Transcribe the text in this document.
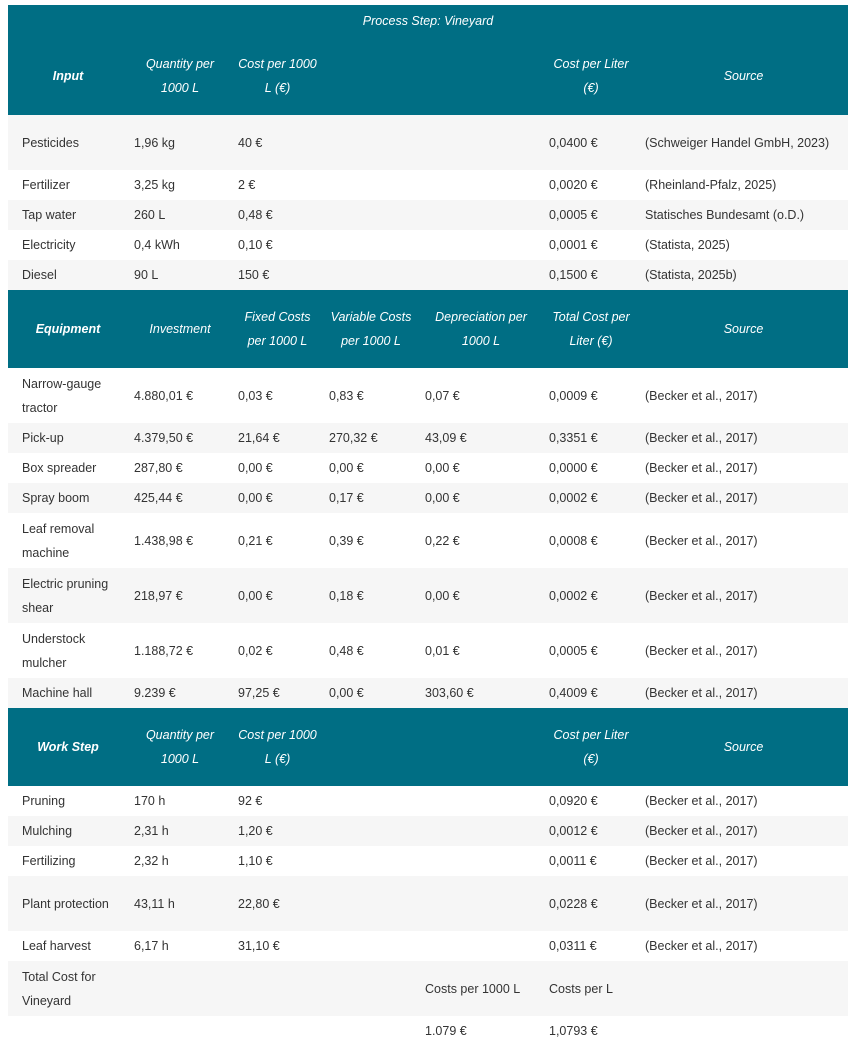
Process Step: Vineyard						
Input	Quantity per 1000 L	Cost per 1000 L (€)			Cost per Liter (€)	Source
Pesticides	1,96 kg	40 €			0,0400 €	(Schweiger Handel GmbH, 2023)
Fertilizer	3,25 kg	2 €			0,0020 €	(Rheinland-Pfalz, 2025)
Tap water	260 L	0,48 €			0,0005 €	Statisches Bundesamt (o.D.)
Electricity	0,4 kWh	0,10 €			0,0001 €	(Statista, 2025)
Diesel	90 L	150 €			0,1500 €	(Statista, 2025b)
Equipment	Investment	Fixed Costs per 1000 L	Variable Costs per 1000 L	Depreciation per 1000 L	Total Cost per Liter (€)	Source
Narrow-gauge tractor	4.880,01 €	0,03 €	0,83 €	0,07 €	0,0009 €	(Becker et al., 2017)
Pick-up	4.379,50 €	21,64 €	270,32 €	43,09 €	0,3351 €	(Becker et al., 2017)
Box spreader	287,80 €	0,00 €	0,00 €	0,00 €	0,0000 €	(Becker et al., 2017)
Spray boom	425,44 €	0,00 €	0,17 €	0,00 €	0,0002 €	(Becker et al., 2017)
Leaf removal machine	1.438,98 €	0,21 €	0,39 €	0,22 €	0,0008 €	(Becker et al., 2017)
Electric pruning shear	218,97 €	0,00 €	0,18 €	0,00 €	0,0002 €	(Becker et al., 2017)
Understock mulcher	1.188,72 €	0,02 €	0,48 €	0,01 €	0,0005 €	(Becker et al., 2017)
Machine hall	9.239 €	97,25 €	0,00 €	303,60 €	0,4009 €	(Becker et al., 2017)
Work Step	Quantity per 1000 L	Cost per 1000 L (€)			Cost per Liter (€)	Source
Pruning	170 h	92 €			0,0920 €	(Becker et al., 2017)
Mulching	2,31 h	1,20 €			0,0012 €	(Becker et al., 2017)
Fertilizing	2,32 h	1,10 €			0,0011 €	(Becker et al., 2017)
Plant protection	43,11 h	22,80 €			0,0228 €	(Becker et al., 2017)
Leaf harvest	6,17 h	31,10 €			0,0311 €	(Becker et al., 2017)
Total Cost for Vineyard				Costs per 1000 L	Costs per L	
				1.079 €	1,0793 €	
